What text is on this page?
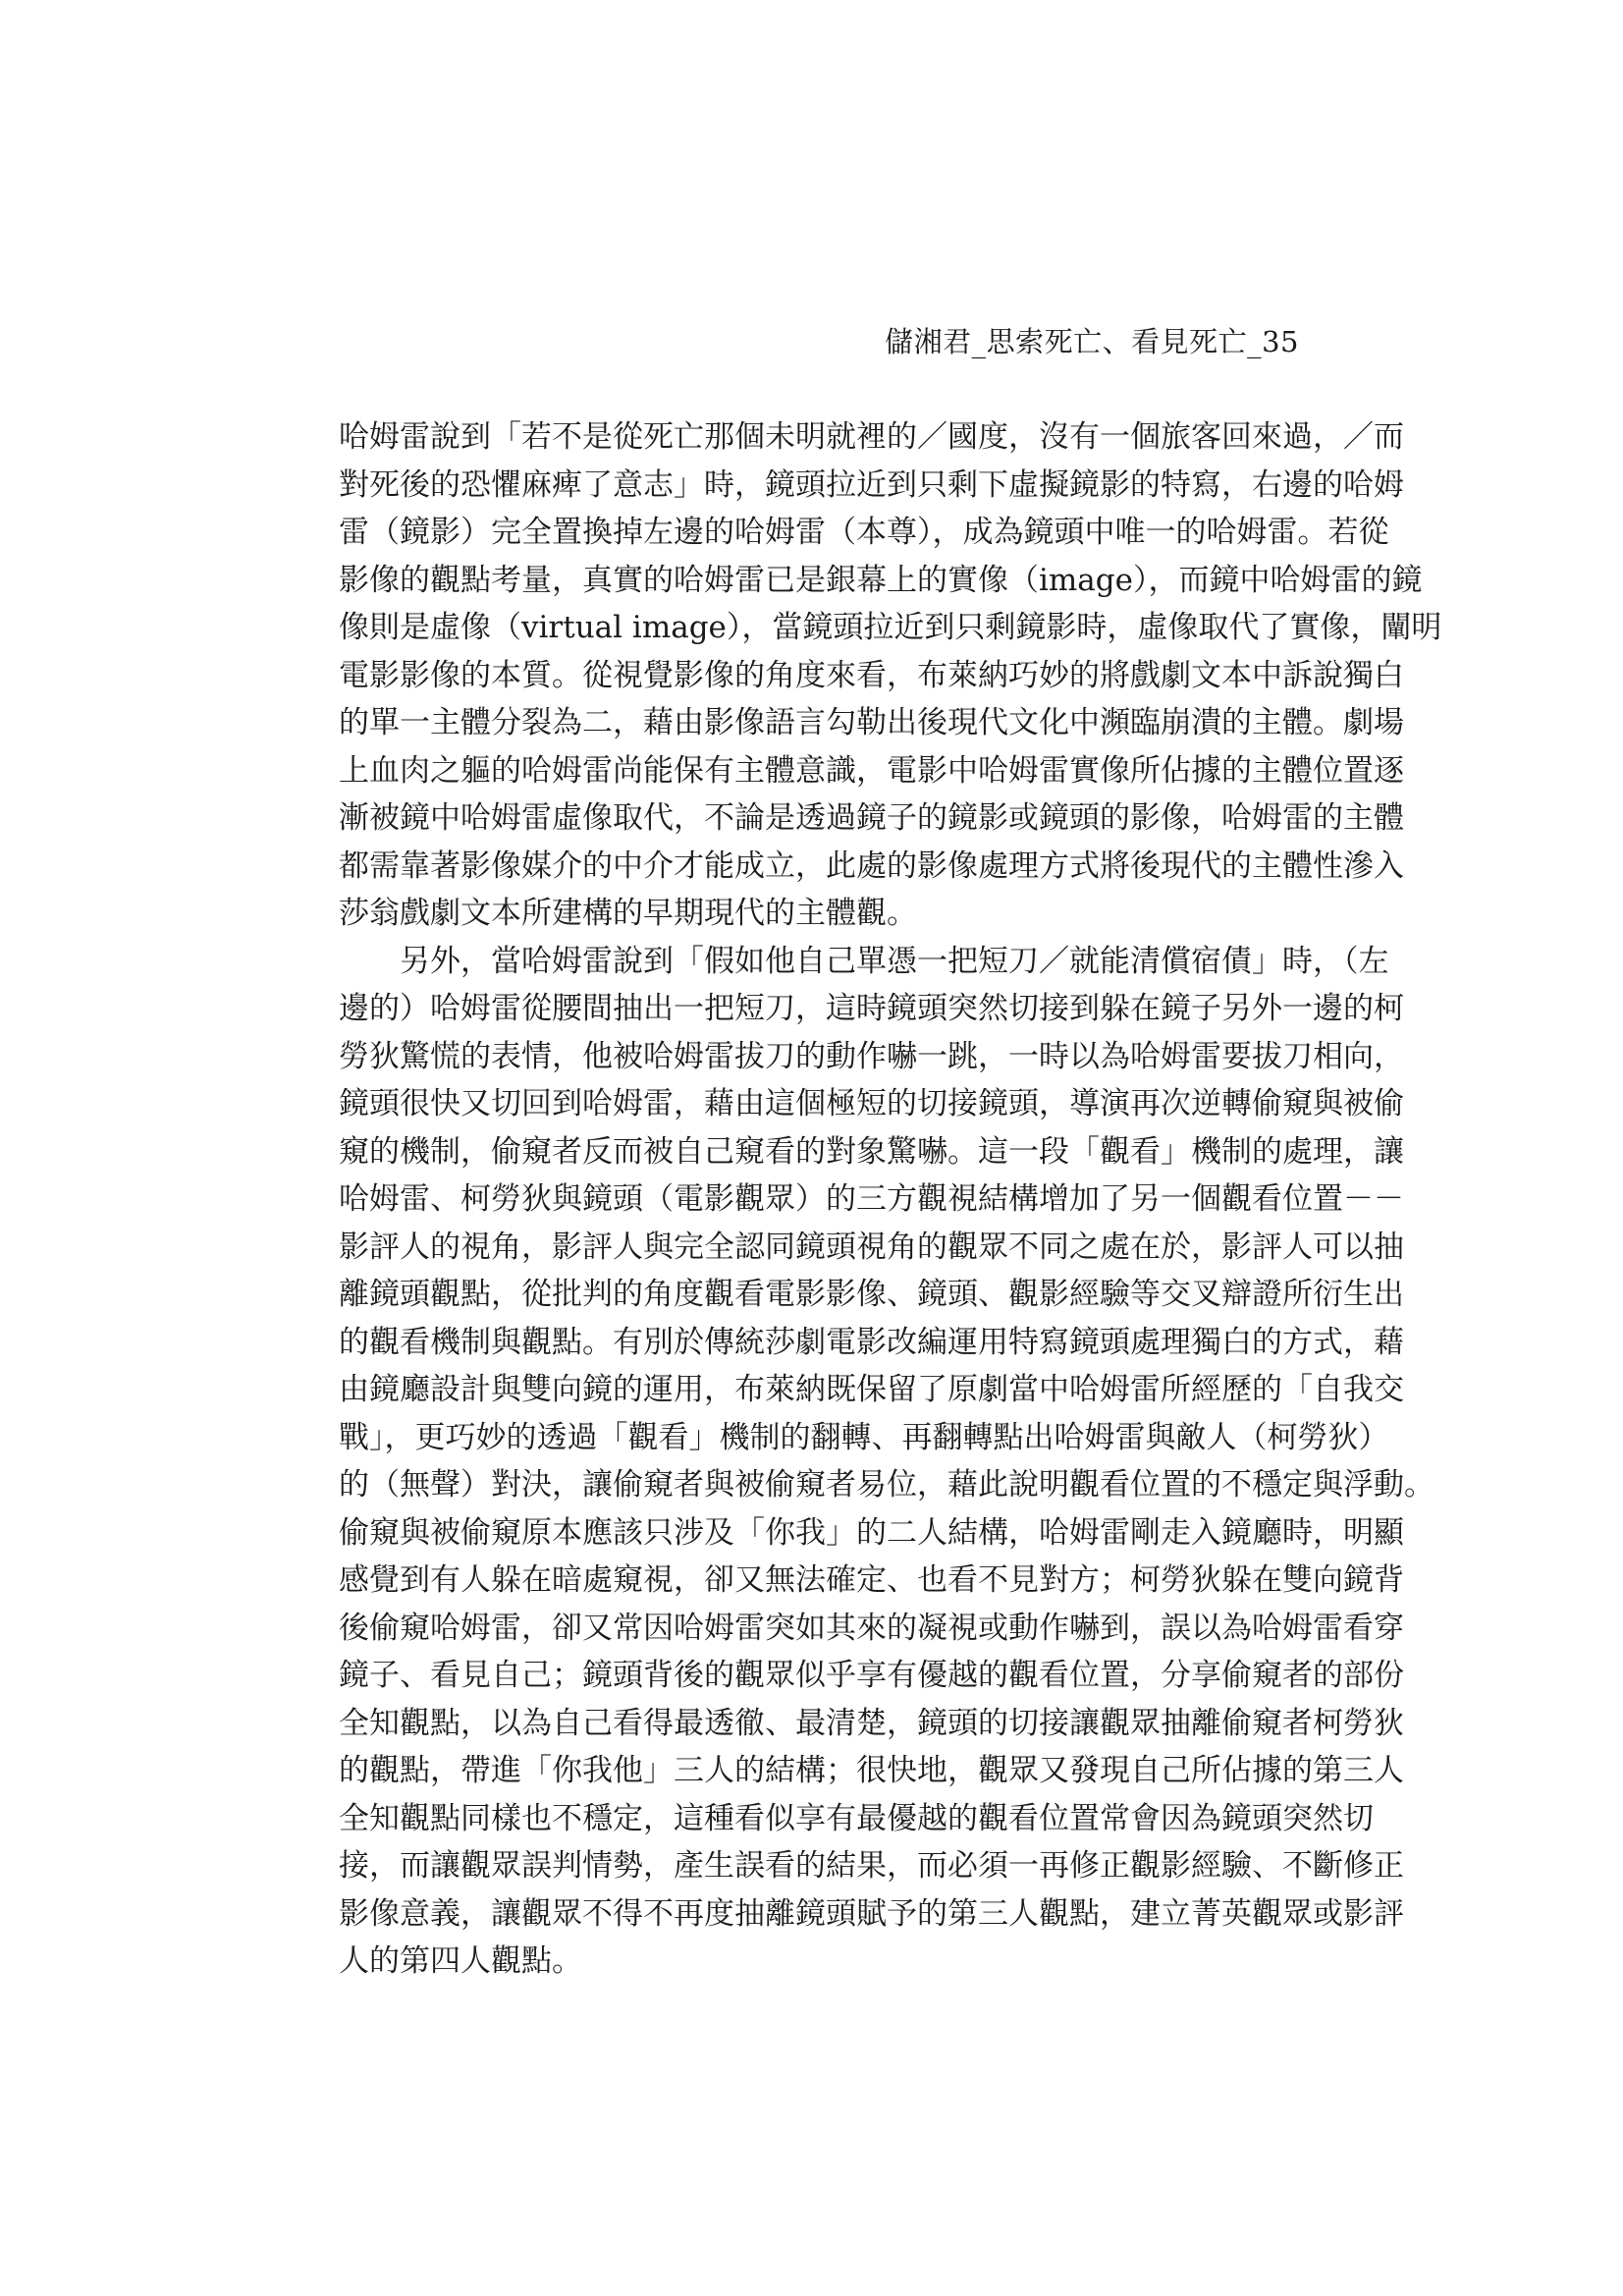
儲湘君_思索死亡、看見死亡_35
哈姆雷說到「若不是從死亡那個未明就裡的／國度，沒有一個旅客回來過，／而
對死後的恐懼麻痺了意志」時，鏡頭拉近到只剩下虛擬鏡影的特寫，右邊的哈姆
雷（鏡影）完全置換掉左邊的哈姆雷（本尊），成為鏡頭中唯一的哈姆雷。若從
影像的觀點考量，真實的哈姆雷已是銀幕上的實像（image），而鏡中哈姆雷的鏡
像則是虛像（virtual image），當鏡頭拉近到只剩鏡影時，虛像取代了實像，闡明
電影影像的本質。從視覺影像的角度來看，布萊納巧妙的將戲劇文本中訴說獨白
的單一主體分裂為二，藉由影像語言勾勒出後現代文化中瀕臨崩潰的主體。劇場
上血肉之軀的哈姆雷尚能保有主體意識，電影中哈姆雷實像所佔據的主體位置逐
漸被鏡中哈姆雷虛像取代，不論是透過鏡子的鏡影或鏡頭的影像，哈姆雷的主體
都需靠著影像媒介的中介才能成立，此處的影像處理方式將後現代的主體性滲入
莎翁戲劇文本所建構的早期現代的主體觀。
　　另外，當哈姆雷說到「假如他自己單憑一把短刀／就能清償宿債」時，（左
邊的）哈姆雷從腰間抽出一把短刀，這時鏡頭突然切接到躲在鏡子另外一邊的柯
勞狄驚慌的表情，他被哈姆雷拔刀的動作嚇一跳，一時以為哈姆雷要拔刀相向，
鏡頭很快又切回到哈姆雷，藉由這個極短的切接鏡頭，導演再次逆轉偷窺與被偷
窺的機制，偷窺者反而被自己窺看的對象驚嚇。這一段「觀看」機制的處理，讓
哈姆雷、柯勞狄與鏡頭（電影觀眾）的三方觀視結構增加了另一個觀看位置－－
影評人的視角，影評人與完全認同鏡頭視角的觀眾不同之處在於，影評人可以抽
離鏡頭觀點，從批判的角度觀看電影影像、鏡頭、觀影經驗等交叉辯證所衍生出
的觀看機制與觀點。有別於傳統莎劇電影改編運用特寫鏡頭處理獨白的方式，藉
由鏡廳設計與雙向鏡的運用，布萊納既保留了原劇當中哈姆雷所經歷的「自我交
戰」，更巧妙的透過「觀看」機制的翻轉、再翻轉點出哈姆雷與敵人（柯勞狄）
的（無聲）對決，讓偷窺者與被偷窺者易位，藉此說明觀看位置的不穩定與浮動。
偷窺與被偷窺原本應該只涉及「你我」的二人結構，哈姆雷剛走入鏡廳時，明顯
感覺到有人躲在暗處窺視，卻又無法確定、也看不見對方；柯勞狄躲在雙向鏡背
後偷窺哈姆雷，卻又常因哈姆雷突如其來的凝視或動作嚇到，誤以為哈姆雷看穿
鏡子、看見自己；鏡頭背後的觀眾似乎享有優越的觀看位置，分享偷窺者的部份
全知觀點，以為自己看得最透徹、最清楚，鏡頭的切接讓觀眾抽離偷窺者柯勞狄
的觀點，帶進「你我他」三人的結構；很快地，觀眾又發現自己所佔據的第三人
全知觀點同樣也不穩定，這種看似享有最優越的觀看位置常會因為鏡頭突然切
接，而讓觀眾誤判情勢，產生誤看的結果，而必須一再修正觀影經驗、不斷修正
影像意義，讓觀眾不得不再度抽離鏡頭賦予的第三人觀點，建立菁英觀眾或影評
人的第四人觀點。
